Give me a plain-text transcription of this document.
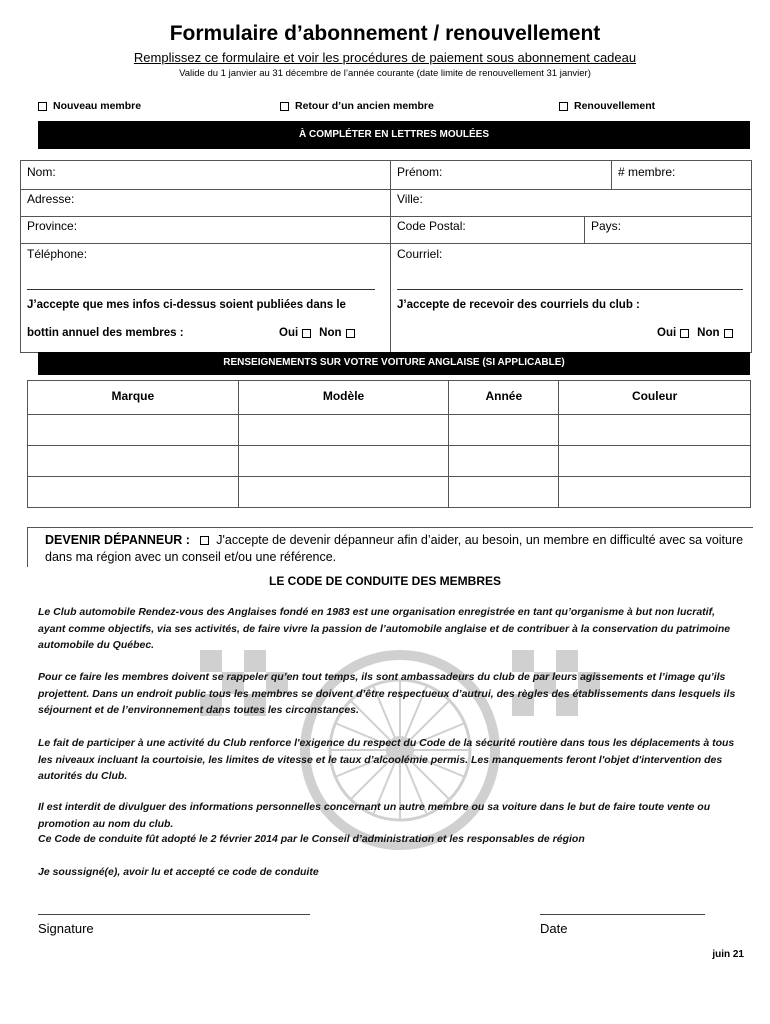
Formulaire d’abonnement / renouvellement
Remplissez ce formulaire et voir les procédures de paiement sous abonnement cadeau
Valide du 1 janvier au 31 décembre de l’année courante (date limite de renouvellement 31 janvier)
Nouveau membre	Retour d’un ancien membre	Renouvellement
À COMPLÉTER EN LETTRES MOULÉES
Nom:	Prénom:	# membre:
Adresse:	Ville:
Province:	Code Postal:	Pays:
Téléphone:	Courriel:
J’accepte que mes infos ci-dessus soient publiées dans le
bottin annuel des membres :
J’accepte de recevoir des courriels du club :
Oui Non	Oui Non
RENSEIGNEMENTS SUR VOTRE VOITURE ANGLAISE (SI APPLICABLE)
Marque	Modèle	Année	Couleur

DEVENIR DÉPANNEUR : J'accepte de devenir dépanneur afin d’aider, au besoin, un membre en difficulté avec sa voiture dans ma région avec un conseil et/ou une référence.
LE CODE DE CONDUITE DES MEMBRES
Le Club automobile Rendez-vous des Anglaises fondé en 1983 est une organisation enregistrée en tant qu’organisme à but non lucratif, ayant comme objectifs, via ses activités, de faire vivre la passion de l’automobile anglaise et de contribuer à la conservation du patrimoine automobile du Québec.
Pour ce faire les membres doivent se rappeler qu’en tout temps, ils sont ambassadeurs du club de par leurs agissements et l’image qu’ils projettent. Dans un endroit public tous les membres se doivent d’être respectueux d’autrui, des règles des établissements dans lesquels ils séjournent et de l’environnement dans toutes les circonstances.
Le fait de participer à une activité du Club renforce l'exigence du respect du Code de la sécurité routière dans tous les déplacements à tous les niveaux incluant la courtoisie, les limites de vitesse et le taux d’alcoolémie permis. Les manquements feront l'objet d'intervention des autorités du Club.
Il est interdit de divulguer des informations personnelles concernant un autre membre ou sa voiture dans le but de faire toute vente ou promotion au nom du club.
Ce Code de conduite fût adopté le 2 février 2014 par le Conseil d’administration et les responsables de région
Je soussigné(e), avoir lu et accepté ce code de conduite
Signature	Date
juin 21
